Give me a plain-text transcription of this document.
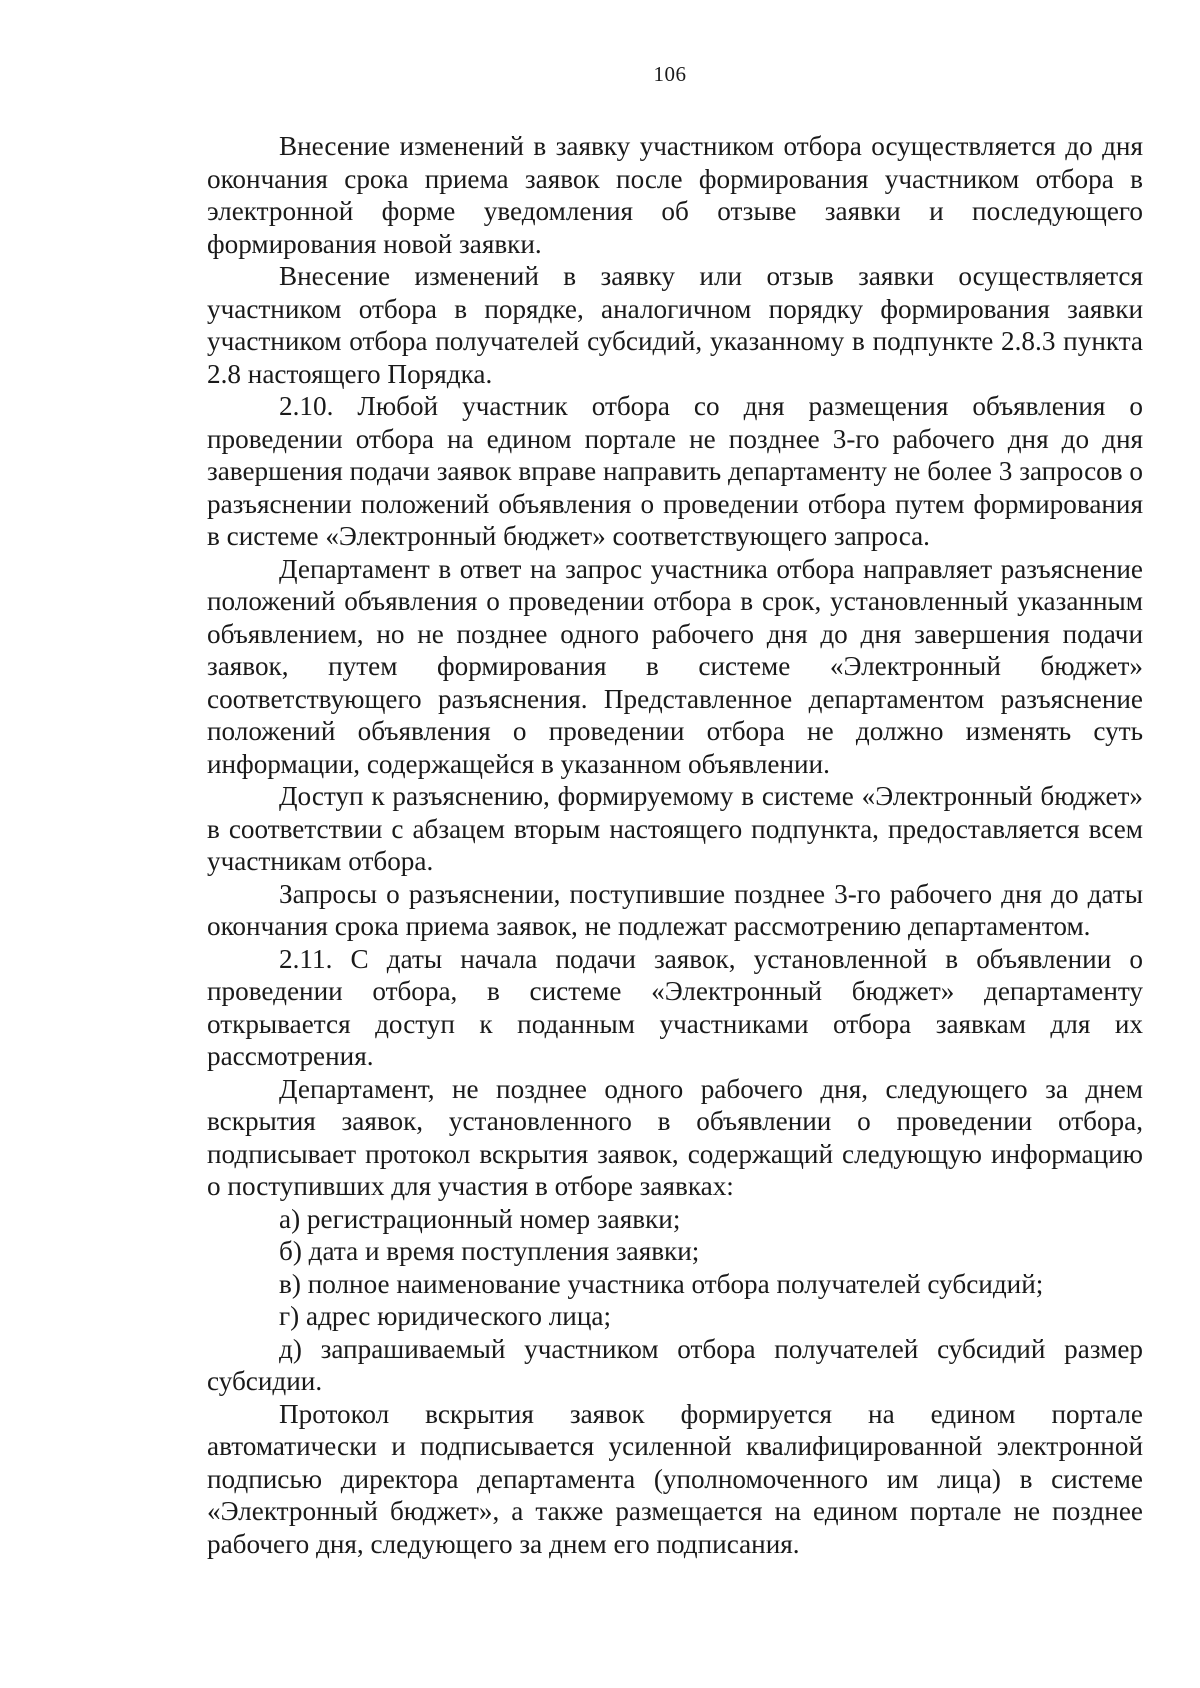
106

Внесение изменений в заявку участником отбора осуществляется до дня окончания срока приема заявок после формирования участником отбора в электронной форме уведомления об отзыве заявки и последующего формирования новой заявки.

Внесение изменений в заявку или отзыв заявки осуществляется участником отбора в порядке, аналогичном порядку формирования заявки участником отбора получателей субсидий, указанному в подпункте 2.8.3 пункта 2.8 настоящего Порядка.

2.10. Любой участник отбора со дня размещения объявления о проведении отбора на едином портале не позднее 3-го рабочего дня до дня завершения подачи заявок вправе направить департаменту не более 3 запросов о разъяснении положений объявления о проведении отбора путем формирования в системе «Электронный бюджет» соответствующего запроса.

Департамент в ответ на запрос участника отбора направляет разъяснение положений объявления о проведении отбора в срок, установленный указанным объявлением, но не позднее одного рабочего дня до дня завершения подачи заявок, путем формирования в системе «Электронный бюджет» соответствующего разъяснения. Представленное департаментом разъяснение положений объявления о проведении отбора не должно изменять суть информации, содержащейся в указанном объявлении.

Доступ к разъяснению, формируемому в системе «Электронный бюджет» в соответствии с абзацем вторым настоящего подпункта, предоставляется всем участникам отбора.

Запросы о разъяснении, поступившие позднее 3-го рабочего дня до даты окончания срока приема заявок, не подлежат рассмотрению департаментом.

2.11. С даты начала подачи заявок, установленной в объявлении о проведении отбора, в системе «Электронный бюджет» департаменту открывается доступ к поданным участниками отбора заявкам для их рассмотрения.

Департамент, не позднее одного рабочего дня, следующего за днем вскрытия заявок, установленного в объявлении о проведении отбора, подписывает протокол вскрытия заявок, содержащий следующую информацию о поступивших для участия в отборе заявках:

а) регистрационный номер заявки;

б) дата и время поступления заявки;

в) полное наименование участника отбора получателей субсидий;

г) адрес юридического лица;

д) запрашиваемый участником отбора получателей субсидий размер субсидии.

Протокол вскрытия заявок формируется на едином портале автоматически и подписывается усиленной квалифицированной электронной подписью директора департамента (уполномоченного им лица) в системе «Электронный бюджет», а также размещается на едином портале не позднее рабочего дня, следующего за днем его подписания.
